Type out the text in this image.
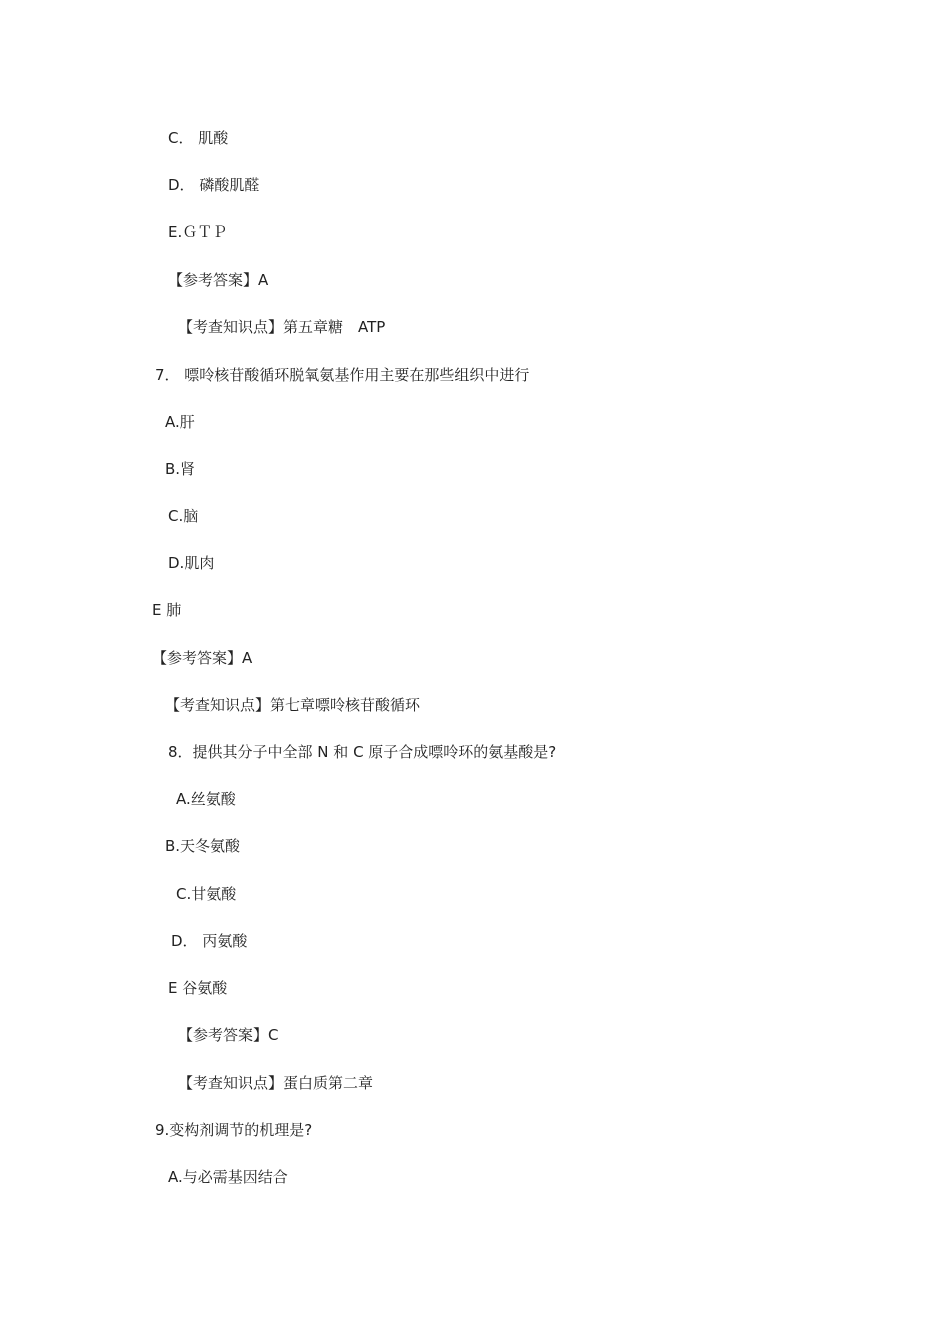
C． 肌酸
D． 磷酸肌醛
E.ＧＴＰ
【参考答案】A
【考查知识点】第五章糖　ATP
7． 嘌呤核苷酸循环脱氧氨基作用主要在那些组织中进行
A.肝
B.肾
C.脑
D.肌肉
E 肺
【参考答案】A
【考查知识点】第七章嘌呤核苷酸循环
8．提供其分子中全部 N 和 C 原子合成嘌呤环的氨基酸是?
A.丝氨酸
B.天冬氨酸
C.甘氨酸
D． 丙氨酸
E 谷氨酸
【参考答案】C
【考查知识点】蛋白质第二章
9.变构剂调节的机理是?
A.与必需基因结合
